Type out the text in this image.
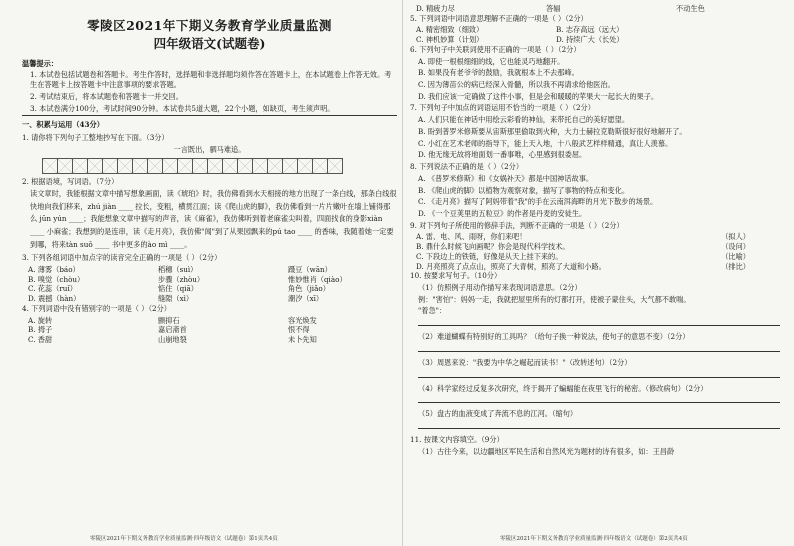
零陵区2021年下期义务教育学业质量监测
四年级语文(试题卷)
温馨提示：
1. 本试卷包括试题卷和答题卡。考生作答时，选择题和非选择题均须作答在答题卡上，在本试题卷上作答无效。考生在答题卡上按答题卡中注意事项的要求答题。
2. 考试结束后，将本试题卷和答题卡一并交回。
3. 本试卷满分100分，考试时间90分钟。本试卷共5道大题，22个小题，如缺页，考生须声明。
一、积累与运用（43分）
1. 请你将下列句子工整地抄写在下面。（3分）
一言既出，驷马难追。
2. 根据语境，写词语。（7分）
读文章时，我能根据文章中描写想象画面，读《琥珀》时，我仿佛看到水天相接的地方出现了一条白线，那条白线很快地向我们移来，zhú jiàn ____ 拉长，变粗，横贯江面；读《爬山虎的脚》，我仿佛看到一片片嫩叶在墙上铺得那么 jūn yún ____；我能想象文章中描写的声音，读《麻雀》，我仿佛听到着老麻雀尖叫着，四面找食的身影xiàn ____ 小麻雀；我想到的是连串，读《走月亮》，我仿佛"闻"到了从果园飘来的pú tao ____ 的香味，我随着她一定要到哪，将来tàn suǒ ____ 书中更多的ào mì ____。
3. 下列各组词语中加点字的读音完全正确的一项是（ ）（2分）
A. 薄雾（báo）	稻穗（suì）	蹑豆（wān）
B. 嗅觉（chòu）	步骤（zhòu）	惟妙惟肖（qiào）
C. 花蕊（ruǐ）	惦住（qiā）	角色（jiǎo）
D. 震撼（hàn）	缝隙（xì）	潮汐（xī）
4. 下列词语中没有错别字的一项是（ ）（2分）
A. 旋转	颤抑石	容光焕发
B. 拇子	嘉启斋首	恨不得
C. 香甜	山崩地裂	未卜先知
零陵区2021年下期义务教育学业质量监测·四年级语文（试题卷）第1页共4页
D. 精疲力尽	答辐	不动生色
5. 下列词语中词语意思理解不正确的一项是（ ）（2分）
A. 精密细致（细致）	B. 志存高远（远大）
C. 神机妙算（计划）	D. 持续广大（长处）
6. 下列句子中关联词使用不正确的一项是（ ）（2分）
A. 即使一根根细细的线，它也能灵巧地翻开。
B. 如果没有老爷爷的鼓励，我就根本上不去那峰。
C. 因为薄苗公的病已经深入骨髓，所以我不再请求给他医治。
D. 我们应该一定确做了这件小事，但是会和暖暖的苹果大一起长大的果子。
7. 下列句子中加点的词语运用不恰当的一项是（ ）（2分）
A. 人们只能在神话中用绘云彩看的神仙，来带托自己的美好愿望。
B. 盼到普罗米修斯要从宙斯那里偷取到火种，大力士赫拉克勒斯很好很好地解开了。
C. 小红在艺术老师的指导下，能上天入地，十八般武艺样样精通，真让人羡慕。
D. 他无缘无故将地面划一番事唯，心里感到很委屈。
8. 下列说法不正确的是（ ）（2分）
A. 《普罗米修斯》和《女娲补天》都是中国神话故事。
B. 《爬山虎的脚》以植物为观察对象，描写了事物的特点和变化。
C. 《走月亮》描写了阿妈带着"我"的手在云南洱海畔的月光下散步的场景。
D. 《一个豆荚里的五粒豆》的作者是丹麦的安徒生。
9. 对下列句子所使用的修辞手法，判断不正确的一项是（ ）（2分）
A. 雷、电、风、雨呀，你们来吧！	（拟人）
B. 鼎什么时候飞向画呢？你会是现代科学技术。	（设问）
C. 下段边上的铁链，好像是从天上挂下来的。	（比喻）
D. 月亮照亮了点点山，照亮了大青树，照亮了大道和小路。	（排比）
10. 按要求写句子。（10分）
（1）仿照例子用动作描写来表现词语意思。（2分）
例："害怕"：妈妈一走，我就把屋里所有的灯都打开，使被子蒙住头，大气都不敢喘。
"着急"：
（2）难道蝴蝶有特别好的工具吗？（给句子换一种说法，使句子的意思不变）（2分）
（3）周恩来说："我要为中华之崛起而读书！"（改转述句）（2分）
（4）科学家经过反复多次研究，终于揭开了蝙蝠能在夜里飞行的秘密。（修改病句）（2分）
（5）盘古的血液变成了奔流不息的江河。（缩句）
11. 按课文内容填空。（9分）
（1）古往今来，以边疆地区军民生活和自然风光为题材的诗有很多，如：王昌龄
零陵区2021年下期义务教育学业质量监测·四年级语文（试题卷）第2页共4页
